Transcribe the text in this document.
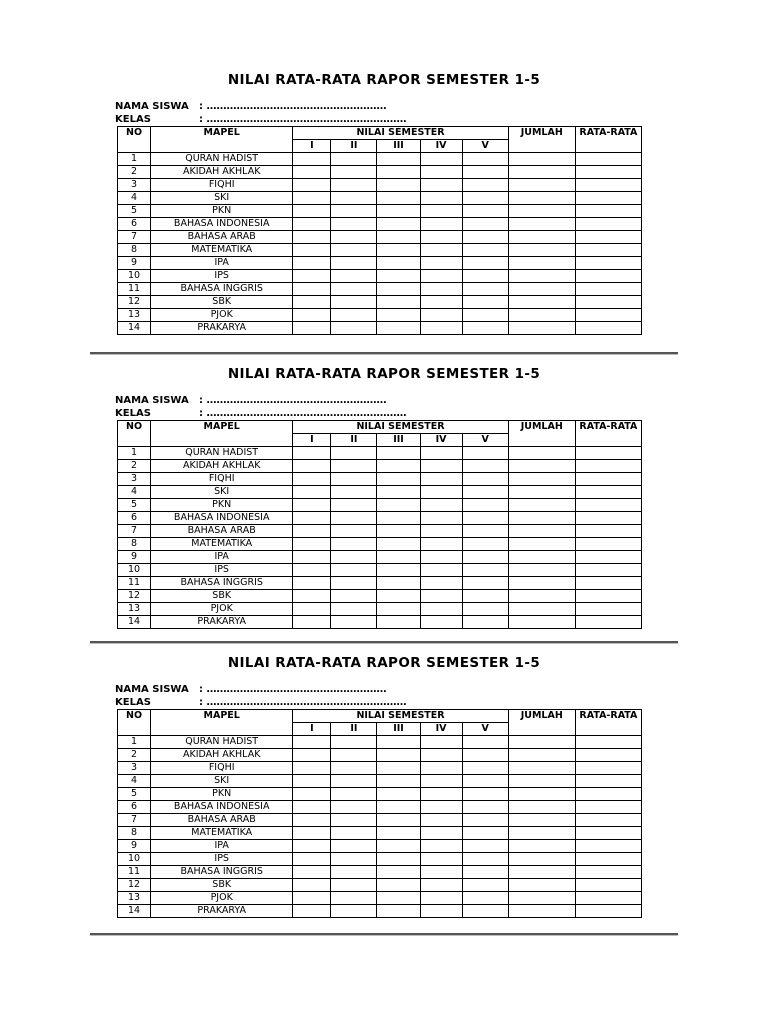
NILAI RATA-RATA RAPOR SEMESTER 1-5
NAMA SISWA : ………………………………………………
KELAS	: ……………………………………………………
NO	MAPEL	NILAI SEMESTER					JUMLAH	RATA-RATA
		I	II	III	IV	V		
1	QURAN HADIST							
2	AKIDAH AKHLAK							
3	FIQHI							
4	SKI							
5	PKN							
6	BAHASA INDONESIA							
7	BAHASA ARAB							
8	MATEMATIKA							
9	IPA							
10	IPS							
11	BAHASA INGGRIS							
12	SBK							
13	PJOK							
14	PRAKARYA							
NILAI RATA-RATA RAPOR SEMESTER 1-5
NAMA SISWA : ………………………………………………
KELAS	: ……………………………………………………
NO	MAPEL	NILAI SEMESTER					JUMLAH	RATA-RATA
		I	II	III	IV	V		
1	QURAN HADIST							
2	AKIDAH AKHLAK							
3	FIQHI							
4	SKI							
5	PKN							
6	BAHASA INDONESIA							
7	BAHASA ARAB							
8	MATEMATIKA							
9	IPA							
10	IPS							
11	BAHASA INGGRIS							
12	SBK							
13	PJOK							
14	PRAKARYA							
NILAI RATA-RATA RAPOR SEMESTER 1-5
NAMA SISWA : ………………………………………………
KELAS	: ……………………………………………………
NO	MAPEL	NILAI SEMESTER					JUMLAH	RATA-RATA
		I	II	III	IV	V		
1	QURAN HADIST							
2	AKIDAH AKHLAK							
3	FIQHI							
4	SKI							
5	PKN							
6	BAHASA INDONESIA							
7	BAHASA ARAB							
8	MATEMATIKA							
9	IPA							
10	IPS							
11	BAHASA INGGRIS							
12	SBK							
13	PJOK							
14	PRAKARYA							
